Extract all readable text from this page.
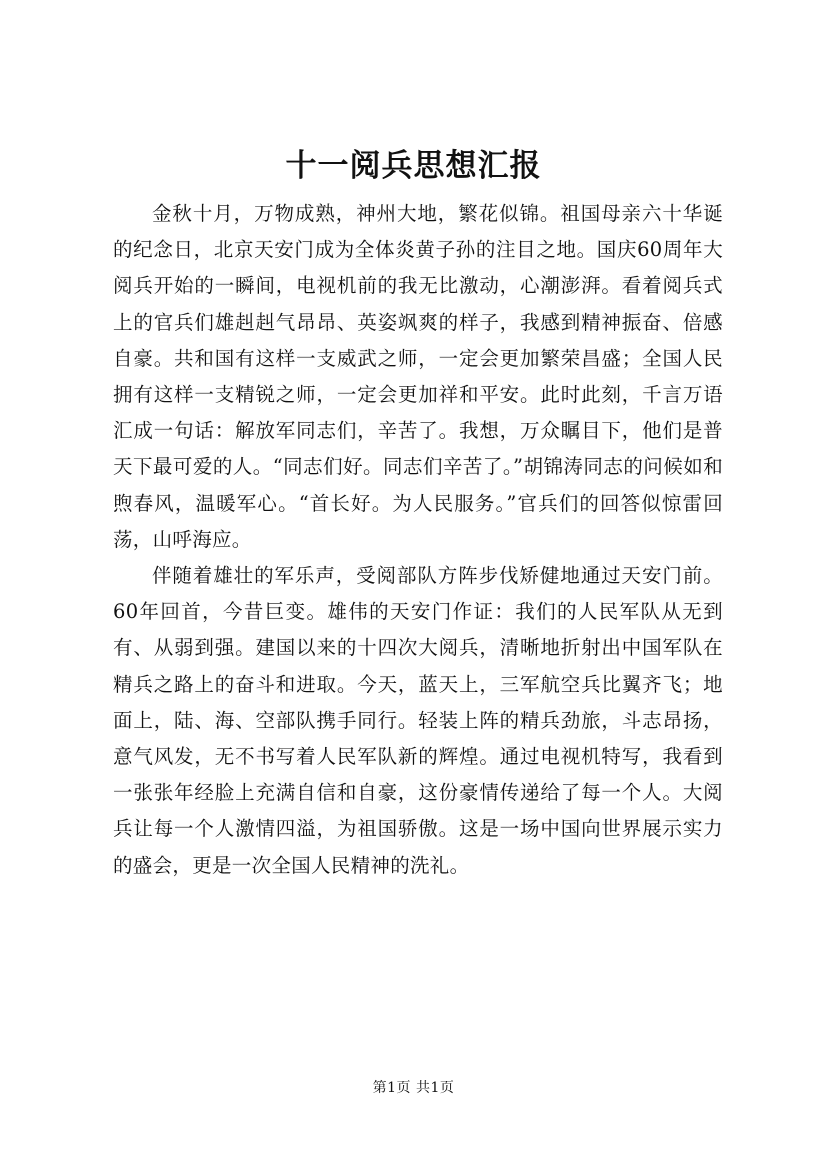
十一阅兵思想汇报

金秋十月，万物成熟，神州大地，繁花似锦。祖国母亲六十华诞的纪念日，北京天安门成为全体炎黄子孙的注目之地。国庆60周年大阅兵开始的一瞬间，电视机前的我无比激动，心潮澎湃。看着阅兵式上的官兵们雄赳赳气昂昂、英姿飒爽的样子，我感到精神振奋、倍感自豪。共和国有这样一支威武之师，一定会更加繁荣昌盛；全国人民拥有这样一支精锐之师，一定会更加祥和平安。此时此刻，千言万语汇成一句话：解放军同志们，辛苦了。我想，万众瞩目下，他们是普天下最可爱的人。“同志们好。同志们辛苦了。”胡锦涛同志的问候如和煦春风，温暖军心。“首长好。为人民服务。”官兵们的回答似惊雷回荡，山呼海应。

伴随着雄壮的军乐声，受阅部队方阵步伐矫健地通过天安门前。60年回首，今昔巨变。雄伟的天安门作证：我们的人民军队从无到有、从弱到强。建国以来的十四次大阅兵，清晰地折射出中国军队在精兵之路上的奋斗和进取。今天，蓝天上，三军航空兵比翼齐飞；地面上，陆、海、空部队携手同行。轻装上阵的精兵劲旅，斗志昂扬，意气风发，无不书写着人民军队新的辉煌。通过电视机特写，我看到一张张年经脸上充满自信和自豪，这份豪情传递给了每一个人。大阅兵让每一个人激情四溢，为祖国骄傲。这是一场中国向世界展示实力的盛会，更是一次全国人民精神的洗礼。

第1页 共1页
